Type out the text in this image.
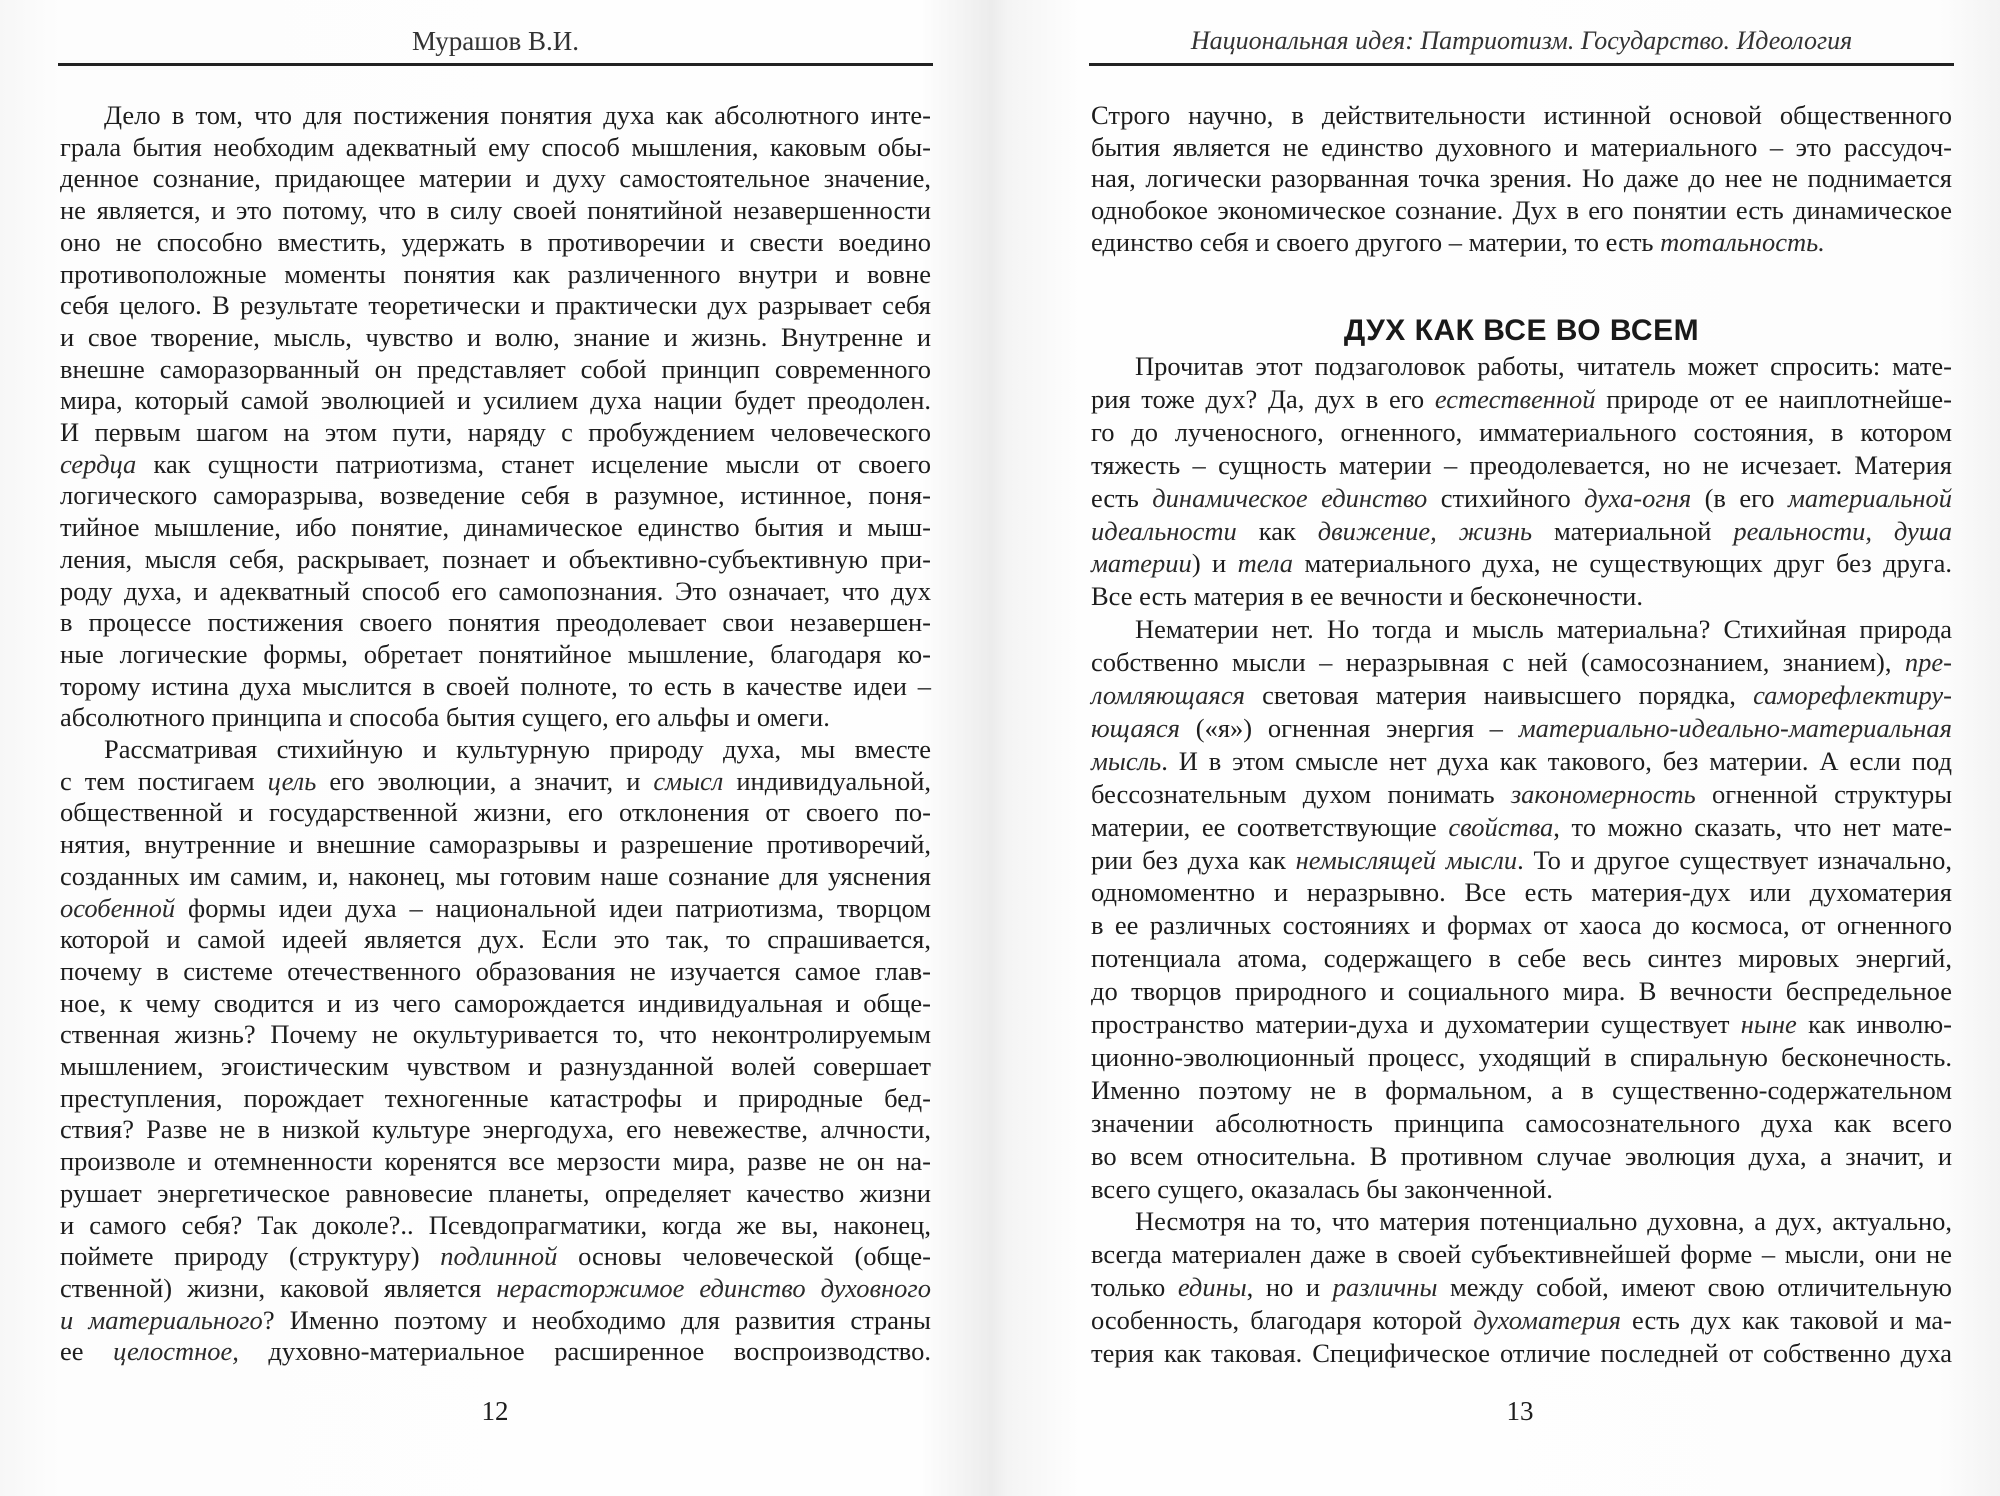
Мурашов В.И.
Дело в том, что для постижения понятия духа как абсолютного инте-
грала бытия необходим адекватный ему способ мышления, каковым обы-
денное сознание, придающее материи и духу самостоятельное значение,
не является, и это потому, что в силу своей понятийной незавершенности
оно не способно вместить, удержать в противоречии и свести воедино
противоположные моменты понятия как различенного внутри и вовне
себя целого. В результате теоретически и практически дух разрывает себя
и свое творение, мысль, чувство и волю, знание и жизнь. Внутренне и
внешне саморазорванный он представляет собой принцип современного
мира, который самой эволюцией и усилием духа нации будет преодолен.
И первым шагом на этом пути, наряду с пробуждением человеческого
сердца как сущности патриотизма, станет исцеление мысли от своего
логического саморазрыва, возведение себя в разумное, истинное, поня-
тийное мышление, ибо понятие, динамическое единство бытия и мыш-
ления, мысля себя, раскрывает, познает и объективно-субъективную при-
роду духа, и адекватный способ его самопознания. Это означает, что дух
в процессе постижения своего понятия преодолевает свои незавершен-
ные логические формы, обретает понятийное мышление, благодаря ко-
торому истина духа мыслится в своей полноте, то есть в качестве идеи –
абсолютного принципа и способа бытия сущего, его альфы и омеги.
Рассматривая стихийную и культурную природу духа, мы вместе
с тем постигаем цель его эволюции, а значит, и смысл индивидуальной,
общественной и государственной жизни, его отклонения от своего по-
нятия, внутренние и внешние саморазрывы и разрешение противоречий,
созданных им самим, и, наконец, мы готовим наше сознание для уяснения
особенной формы идеи духа – национальной идеи патриотизма, творцом
которой и самой идеей является дух. Если это так, то спрашивается,
почему в системе отечественного образования не изучается самое глав-
ное, к чему сводится и из чего саморождается индивидуальная и обще-
ственная жизнь? Почему не окультуривается то, что неконтролируемым
мышлением, эгоистическим чувством и разнузданной волей совершает
преступления, порождает техногенные катастрофы и природные бед-
ствия? Разве не в низкой культуре энергодуха, его невежестве, алчности,
произволе и отемненности коренятся все мерзости мира, разве не он на-
рушает энергетическое равновесие планеты, определяет качество жизни
и самого себя? Так доколе?.. Псевдопрагматики, когда же вы, наконец,
поймете природу (структуру) подлинной основы человеческой (обще-
ственной) жизни, каковой является нерасторжимое единство духовного
и материального? Именно поэтому и необходимо для развития страны
ее целостное, духовно-материальное расширенное воспроизводство.
12
Национальная идея: Патриотизм. Государство. Идеология
Строго научно, в действительности истинной основой общественного
бытия является не единство духовного и материального – это рассудоч-
ная, логически разорванная точка зрения. Но даже до нее не поднимается
однобокое экономическое сознание. Дух в его понятии есть динамическое
единство себя и своего другого – материи, то есть тотальность.
ДУХ КАК ВСЕ ВО ВСЕМ
Прочитав этот подзаголовок работы, читатель может спросить: мате-
рия тоже дух? Да, дух в его естественной природе от ее наиплотнейше-
го до лученосного, огненного, имматериального состояния, в котором
тяжесть – сущность материи – преодолевается, но не исчезает. Материя
есть динамическое единство стихийного духа-огня (в его материальной
идеальности как движение, жизнь материальной реальности, душа
материи) и тела материального духа, не существующих друг без друга.
Все есть материя в ее вечности и бесконечности.
Нематерии нет. Но тогда и мысль материальна? Стихийная природа
собственно мысли – неразрывная с ней (самосознанием, знанием), пре-
ломляющаяся световая материя наивысшего порядка, саморефлектиру-
ющаяся («я») огненная энергия – материально-идеально-материальная
мысль. И в этом смысле нет духа как такового, без материи. А если под
бессознательным духом понимать закономерность огненной структуры
материи, ее соответствующие свойства, то можно сказать, что нет мате-
рии без духа как немыслящей мысли. То и другое существует изначально,
одномоментно и неразрывно. Все есть материя-дух или духоматерия
в ее различных состояниях и формах от хаоса до космоса, от огненного
потенциала атома, содержащего в себе весь синтез мировых энергий,
до творцов природного и социального мира. В вечности беспредельное
пространство материи-духа и духоматерии существует ныне как инволю-
ционно-эволюционный процесс, уходящий в спиральную бесконечность.
Именно поэтому не в формальном, а в существенно-содержательном
значении абсолютность принципа самосознательного духа как всего
во всем относительна. В противном случае эволюция духа, а значит, и
всего сущего, оказалась бы законченной.
Несмотря на то, что материя потенциально духовна, а дух, актуально,
всегда материален даже в своей субъективнейшей форме – мысли, они не
только едины, но и различны между собой, имеют свою отличительную
особенность, благодаря которой духоматерия есть дух как таковой и ма-
терия как таковая. Специфическое отличие последней от собственно духа
13
